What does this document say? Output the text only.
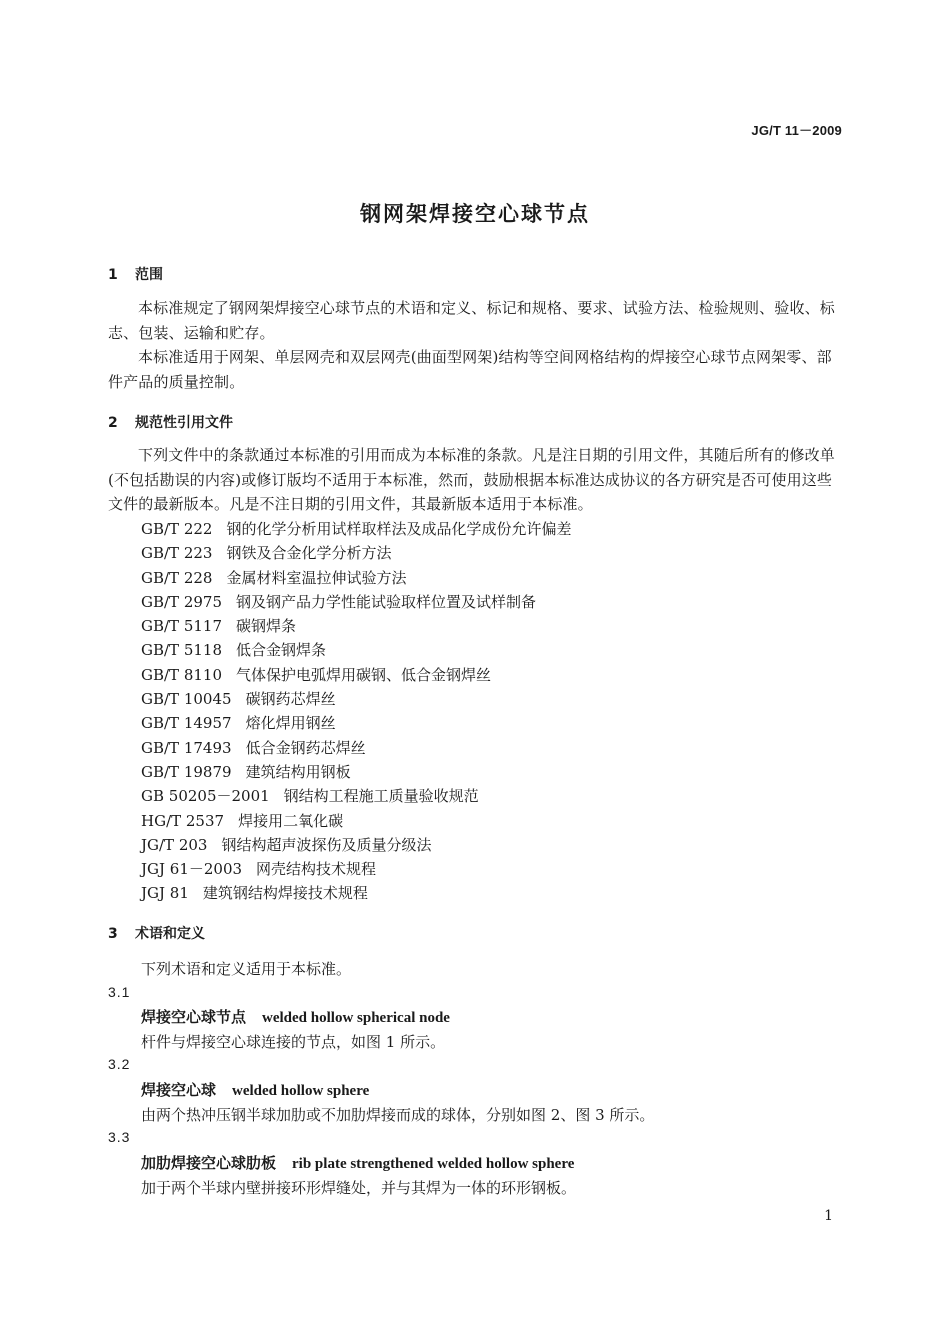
JG/T 11－2009
钢网架焊接空心球节点
1 范围

本标准规定了钢网架焊接空心球节点的术语和定义、标记和规格、要求、试验方法、检验规则、验收、标志、包装、运输和贮存。

本标准适用于网架、单层网壳和双层网壳(曲面型网架)结构等空间网格结构的焊接空心球节点网架零、部件产品的质量控制。

2 规范性引用文件

下列文件中的条款通过本标准的引用而成为本标准的条款。凡是注日期的引用文件，其随后所有的修改单(不包括勘误的内容)或修订版均不适用于本标准，然而，鼓励根据本标准达成协议的各方研究是否可使用这些文件的最新版本。凡是不注日期的引用文件，其最新版本适用于本标准。

GB/T 222 钢的化学分析用试样取样法及成品化学成份允许偏差
GB/T 223 钢铁及合金化学分析方法
GB/T 228 金属材料室温拉伸试验方法
GB/T 2975 钢及钢产品力学性能试验取样位置及试样制备
GB/T 5117 碳钢焊条
GB/T 5118 低合金钢焊条
GB/T 8110 气体保护电弧焊用碳钢、低合金钢焊丝
GB/T 10045 碳钢药芯焊丝
GB/T 14957 熔化焊用钢丝
GB/T 17493 低合金钢药芯焊丝
GB/T 19879 建筑结构用钢板
GB 50205－2001 钢结构工程施工质量验收规范
HG/T 2537 焊接用二氧化碳
JG/T 203 钢结构超声波探伤及质量分级法
JGJ 61－2003 网壳结构技术规程
JGJ 81 建筑钢结构焊接技术规程
3 术语和定义
下列术语和定义适用于本标准。
3.1
焊接空心球节点 welded hollow spherical node
杆件与焊接空心球连接的节点，如图 1 所示。
3.2
焊接空心球 welded hollow sphere
由两个热冲压钢半球加肋或不加肋焊接而成的球体，分别如图 2、图 3 所示。
3.3
加肋焊接空心球肋板 rib plate strengthened welded hollow sphere
加于两个半球内壁拼接环形焊缝处，并与其焊为一体的环形钢板。
1
